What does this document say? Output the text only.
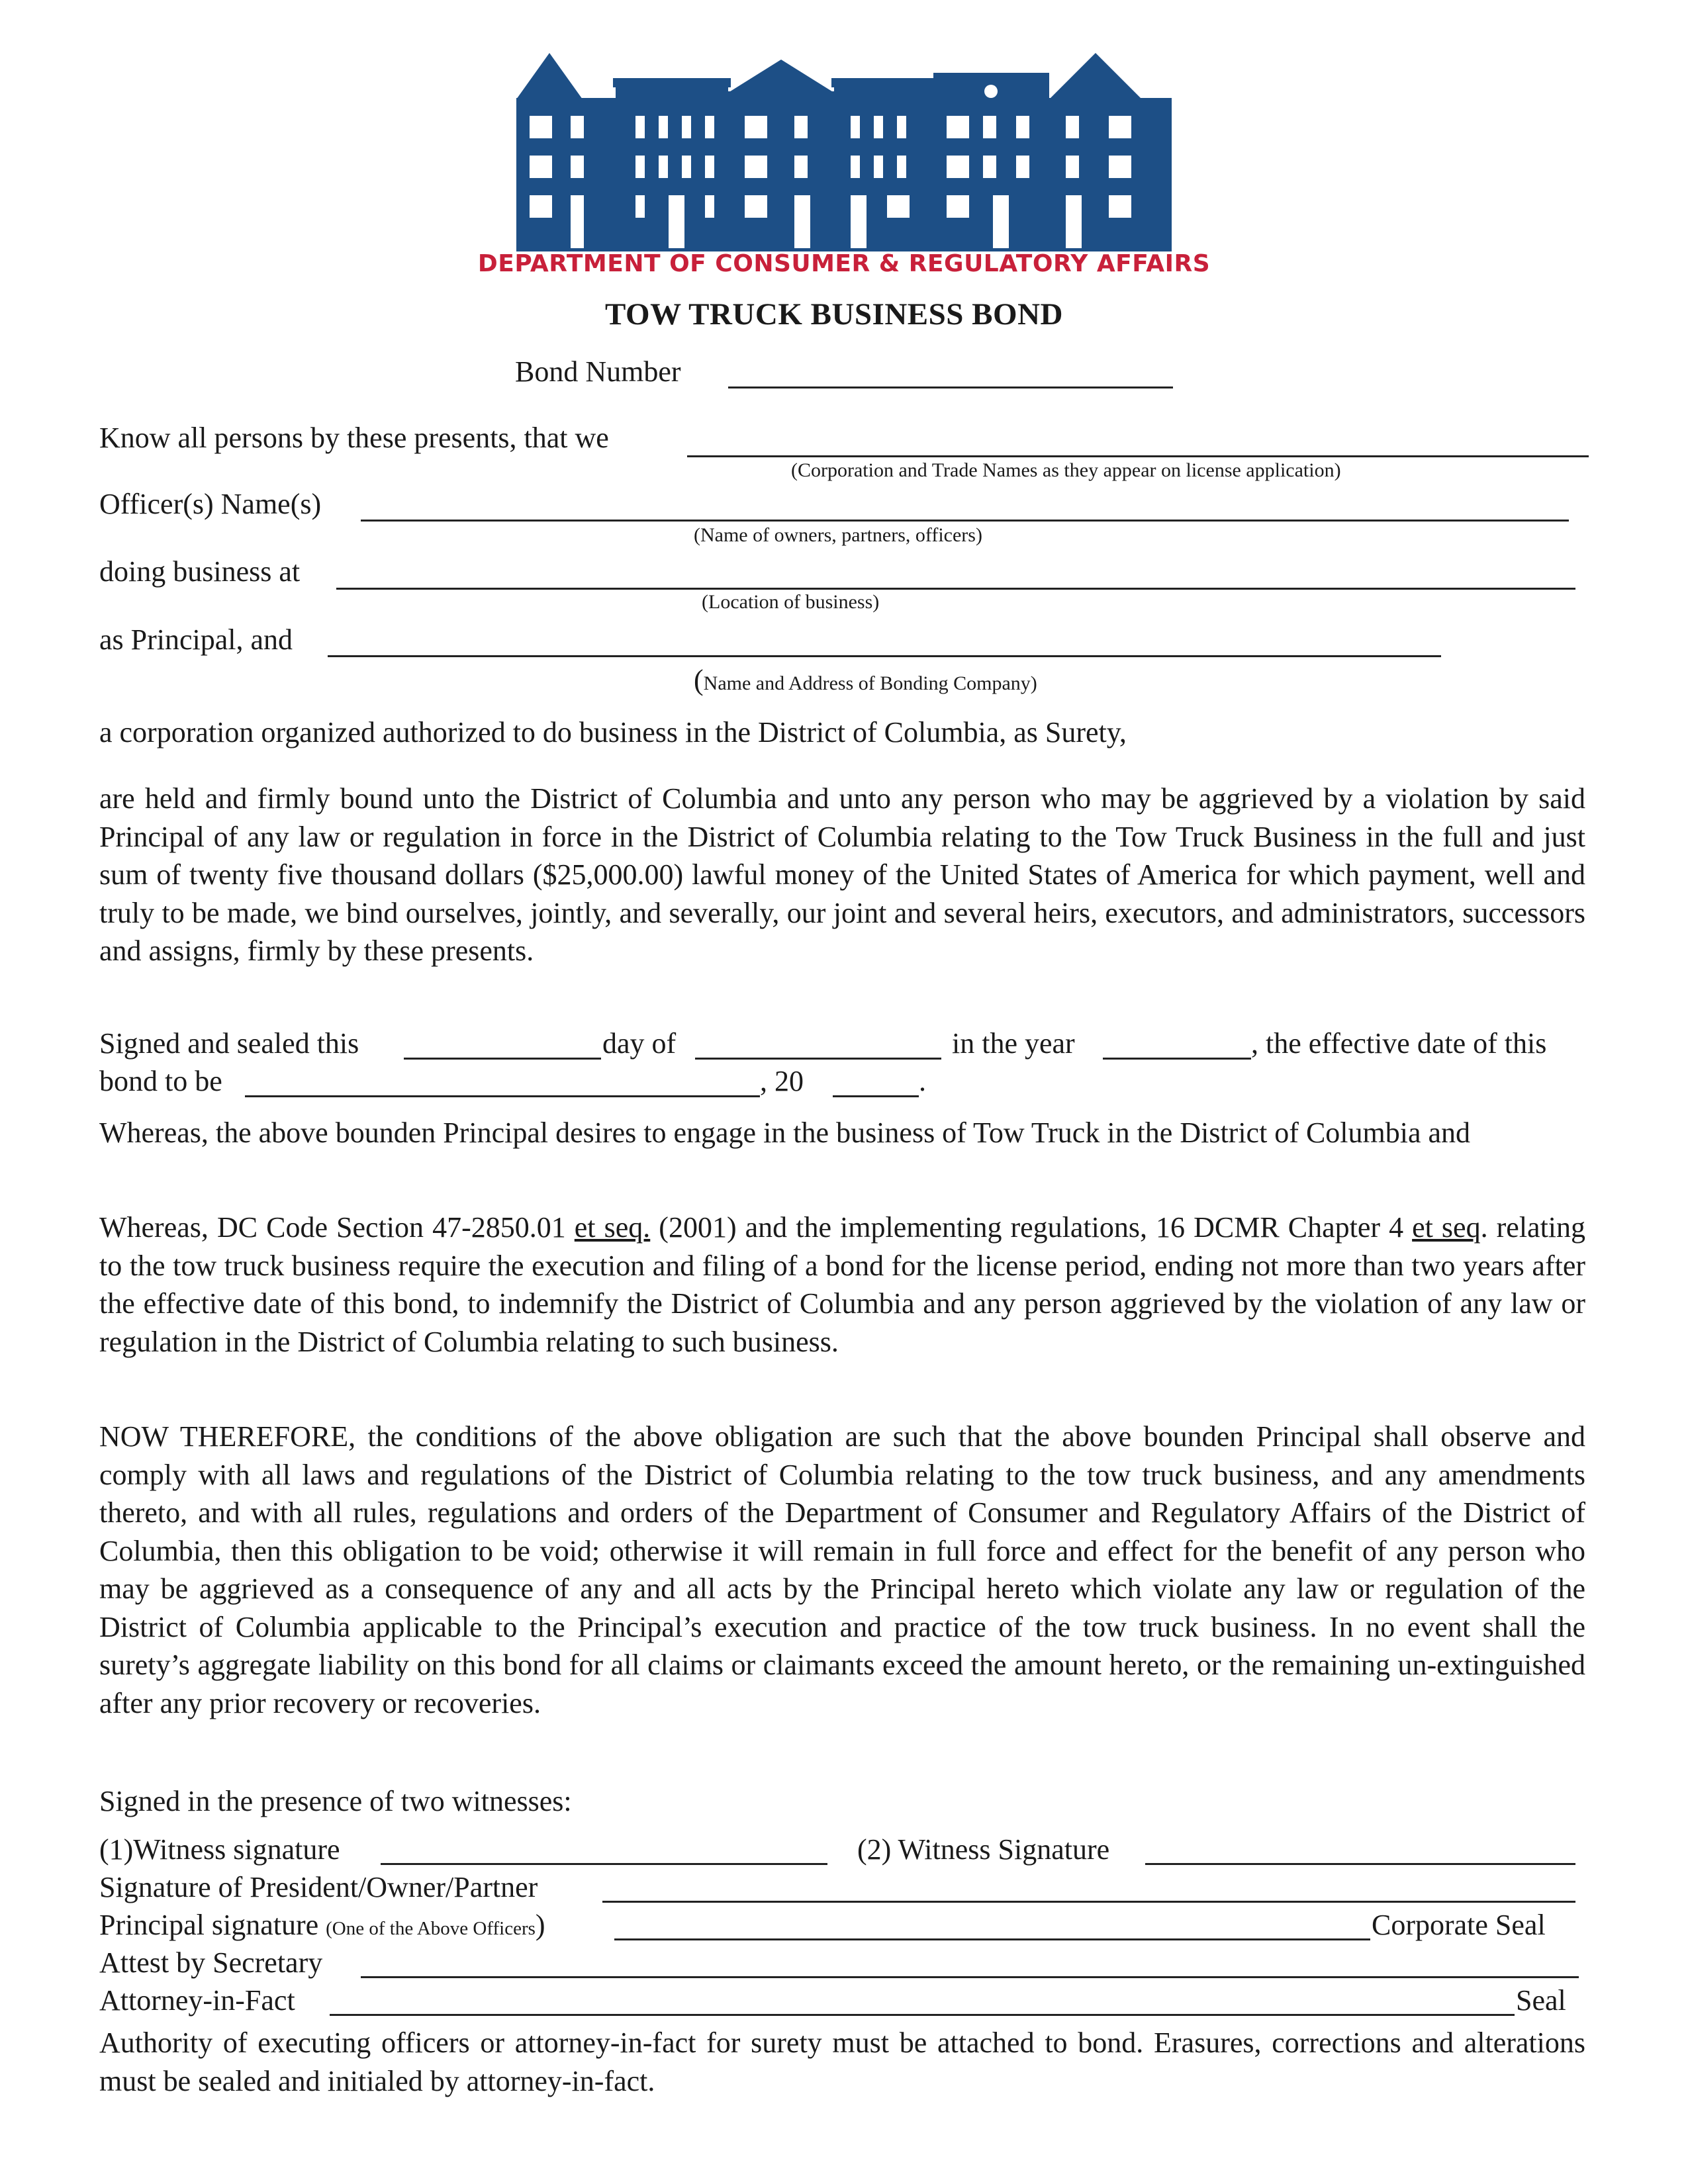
DEPARTMENT OF CONSUMER & REGULATORY AFFAIRS
TOW TRUCK BUSINESS BOND
Bond Number
Know all persons by these presents, that we
(Corporation and Trade Names as they appear on license application)
Officer(s) Name(s)
(Name of owners, partners, officers)
doing business at
(Location of business)
as Principal, and
(Name and Address of Bonding Company)
a corporation organized authorized to do business in the District of Columbia, as Surety,

are held and firmly bound unto the District of Columbia and unto any person who may be aggrieved by a violation by said Principal of any law or regulation in force in the District of Columbia relating to the Tow Truck Business in the full and just sum of twenty five thousand dollars ($25,000.00) lawful money of the United States of America for which payment, well and truly to be made, we bind ourselves, jointly, and severally, our joint and several heirs, executors, and administrators, successors and assigns, firmly by these presents.

Signed and sealed this	day of	in the year	, the effective date of this
bond to be	, 20	.

Whereas, the above bounden Principal desires to engage in the business of Tow Truck in the District of Columbia and

Whereas, DC Code Section 47-2850.01 et seq. (2001) and the implementing regulations, 16 DCMR Chapter 4 et seq. relating to the tow truck business require the execution and filing of a bond for the license period, ending not more than two years after the effective date of this bond, to indemnify the District of Columbia and any person aggrieved by the violation of any law or regulation in the District of Columbia relating to such business.

NOW THEREFORE, the conditions of the above obligation are such that the above bounden Principal shall observe and comply with all laws and regulations of the District of Columbia relating to the tow truck business, and any amendments thereto, and with all rules, regulations and orders of the Department of Consumer and Regulatory Affairs of the District of Columbia, then this obligation to be void; otherwise it will remain in full force and effect for the benefit of any person who may be aggrieved as a consequence of any and all acts by the Principal hereto which violate any law or regulation of the District of Columbia applicable to the Principal’s execution and practice of the tow truck business. In no event shall the surety’s aggregate liability on this bond for all claims or claimants exceed the amount hereto, or the remaining un-extinguished after any prior recovery or recoveries.

Signed in the presence of two witnesses:
(1)Witness signature	(2) Witness Signature
Signature of President/Owner/Partner
Principal signature (One of the Above Officers)	Corporate Seal
Attest by Secretary
Attorney-in-Fact	Seal

Authority of executing officers or attorney-in-fact for surety must be attached to bond. Erasures, corrections and alterations must be sealed and initialed by attorney-in-fact.
